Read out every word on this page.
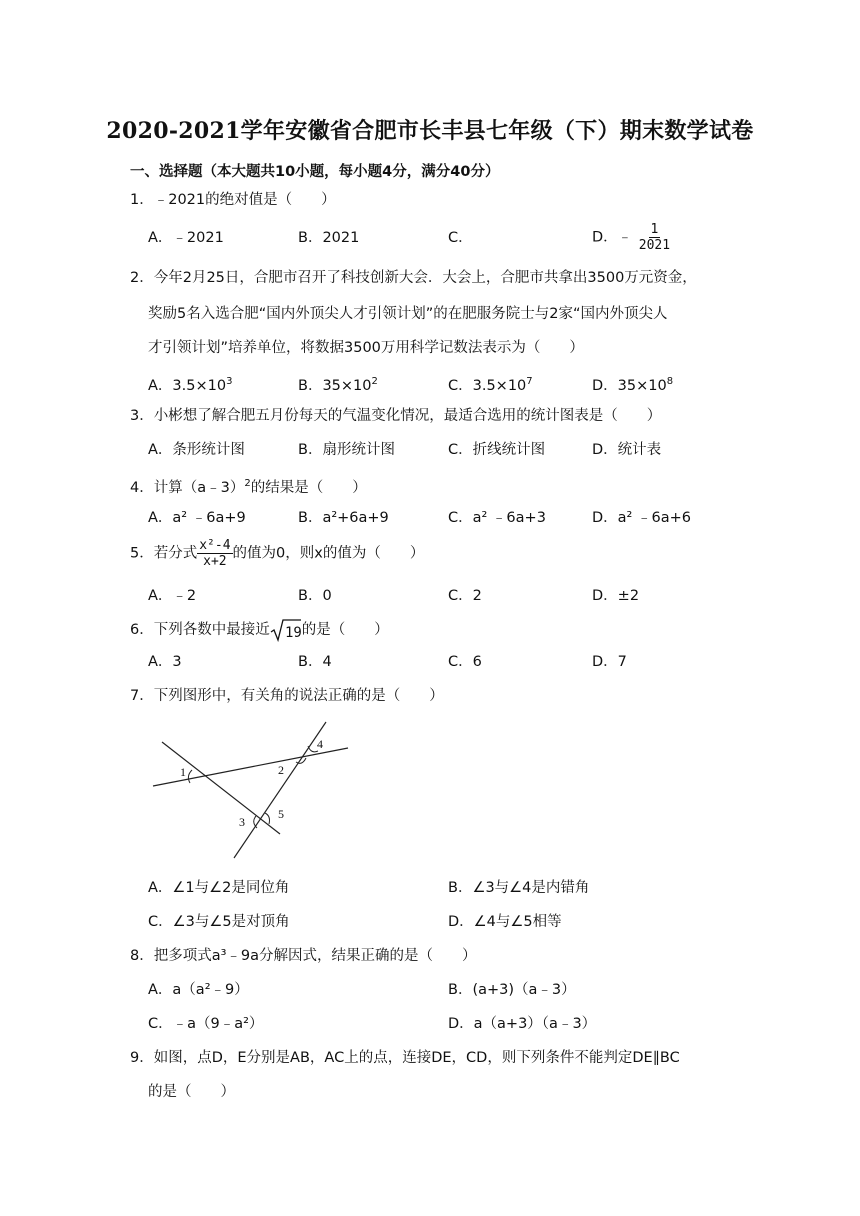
2020-2021学年安徽省合肥市长丰县七年级（下）期末数学试卷
一、选择题（本大题共10小题，每小题4分，满分40分）
1．﹣2021的绝对值是（　　）
A．﹣2021	B．2021	C．	D．﹣ $\frac{1}{2021}$
2．今年2月25日，合肥市召开了科技创新大会．大会上，合肥市共拿出3500万元资金，
奖励5名入选合肥“国内外顶尖人才引领计划”的在肥服务院士与2家“国内外顶尖人
才引领计划”培养单位，将数据3500万用科学记数法表示为（　　）
A．$3.5\times 10^3$	B．$35\times 10^2$	C．$3.5\times 10^7$	D．$35\times 10^8$
3．小彬想了解合肥五月份每天的气温变化情况，最适合选用的统计图表是（　　）
A．条形统计图	B．扇形统计图	C．折线统计图	D．统计表
4．计算（a﹣3）$^2$的结果是（　　）
A．a² ﹣6a+9	B．a²+6a+9	C．a² ﹣6a+3	D．a² ﹣6a+6
5．若分式 $\frac{\text{x²-4}}{x+2}$ 的值为0，则x的值为（　　）
A．﹣2	B．0	C．2	D．±2
6．下列各数中最接近 19 的是（　　）
A．3	B．4	C．6	D．7
7．下列图形中，有关角的说法正确的是（　　）
1	2
3
4
5
A．∠1与∠2是同位角	B．∠3与∠4是内错角
C．∠3与∠5是对顶角	D．∠4与∠5相等
8．把多项式a³﹣9a分解因式，结果正确的是（　　）
A．a（a²﹣9）	B．(a+3)（a﹣3）
C．﹣a（9﹣a²）	D．a（a+3）（a﹣3）
9．如图，点D，E分别是AB，AC上的点，连接DE，CD，则下列条件不能判定DE∥BC
的是（　　）
